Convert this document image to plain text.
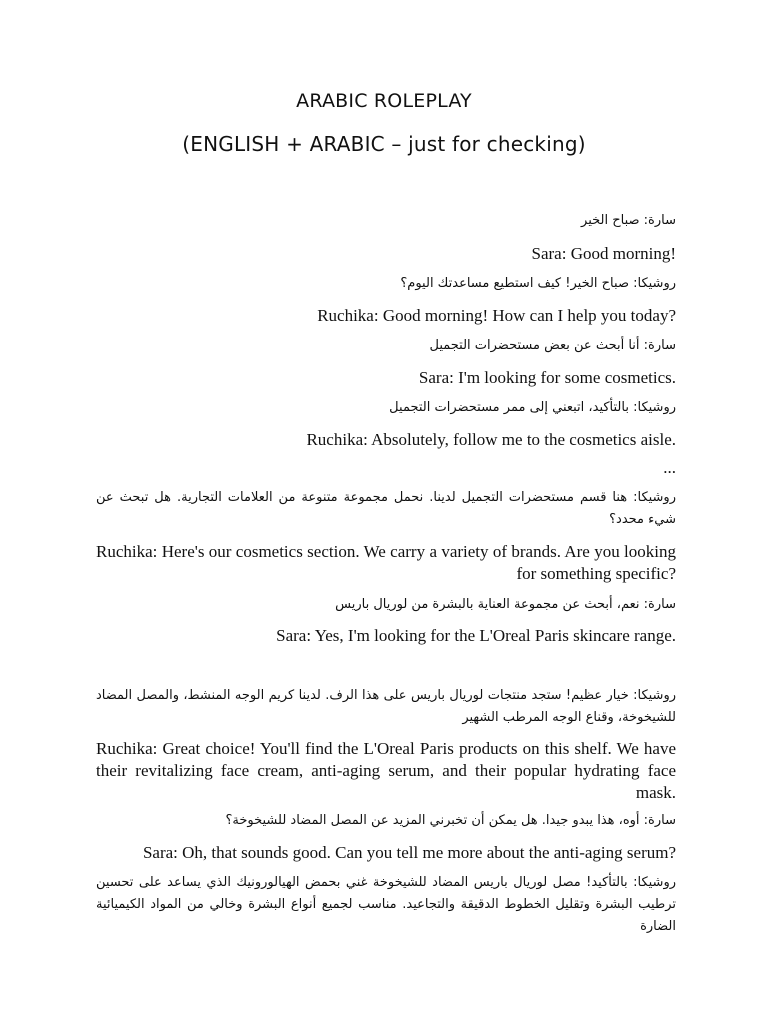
ARABIC ROLEPLAY
(ENGLISH + ARABIC – just for checking)
سارة: صباح الخير
Sara: Good morning!
روشيكا: صباح الخير! كيف استطيع مساعدتك اليوم؟
Ruchika: Good morning! How can I help you today?
سارة: أنا أبحث عن بعض مستحضرات التجميل
Sara: I'm looking for some cosmetics.
روشيكا: بالتأكيد، اتبعني إلى ممر مستحضرات التجميل
Ruchika: Absolutely, follow me to the cosmetics aisle.
...
روشيكا: هنا قسم مستحضرات التجميل لدينا. نحمل مجموعة متنوعة من العلامات التجارية. هل تبحث عن شيء محدد؟
Ruchika: Here's our cosmetics section. We carry a variety of brands. Are you looking for something specific?
سارة: نعم، أبحث عن مجموعة العناية بالبشرة من لوريال باريس
Sara: Yes, I'm looking for the L'Oreal Paris skincare range.
روشيكا: خيار عظيم! ستجد منتجات لوريال باريس على هذا الرف. لدينا كريم الوجه المنشط، والمصل المضاد للشيخوخة، وقناع الوجه المرطب الشهير
Ruchika: Great choice! You'll find the L'Oreal Paris products on this shelf. We have their revitalizing face cream, anti-aging serum, and their popular hydrating face mask.
سارة: أوه، هذا يبدو جيدا. هل يمكن أن تخبرني المزيد عن المصل المضاد للشيخوخة؟
Sara: Oh, that sounds good. Can you tell me more about the anti-aging serum?
روشيكا: بالتأكيد! مصل لوريال باريس المضاد للشيخوخة غني بحمض الهيالورونيك الذي يساعد على تحسين ترطيب البشرة وتقليل الخطوط الدقيقة والتجاعيد. مناسب لجميع أنواع البشرة وخالي من المواد الكيميائية الضارة
